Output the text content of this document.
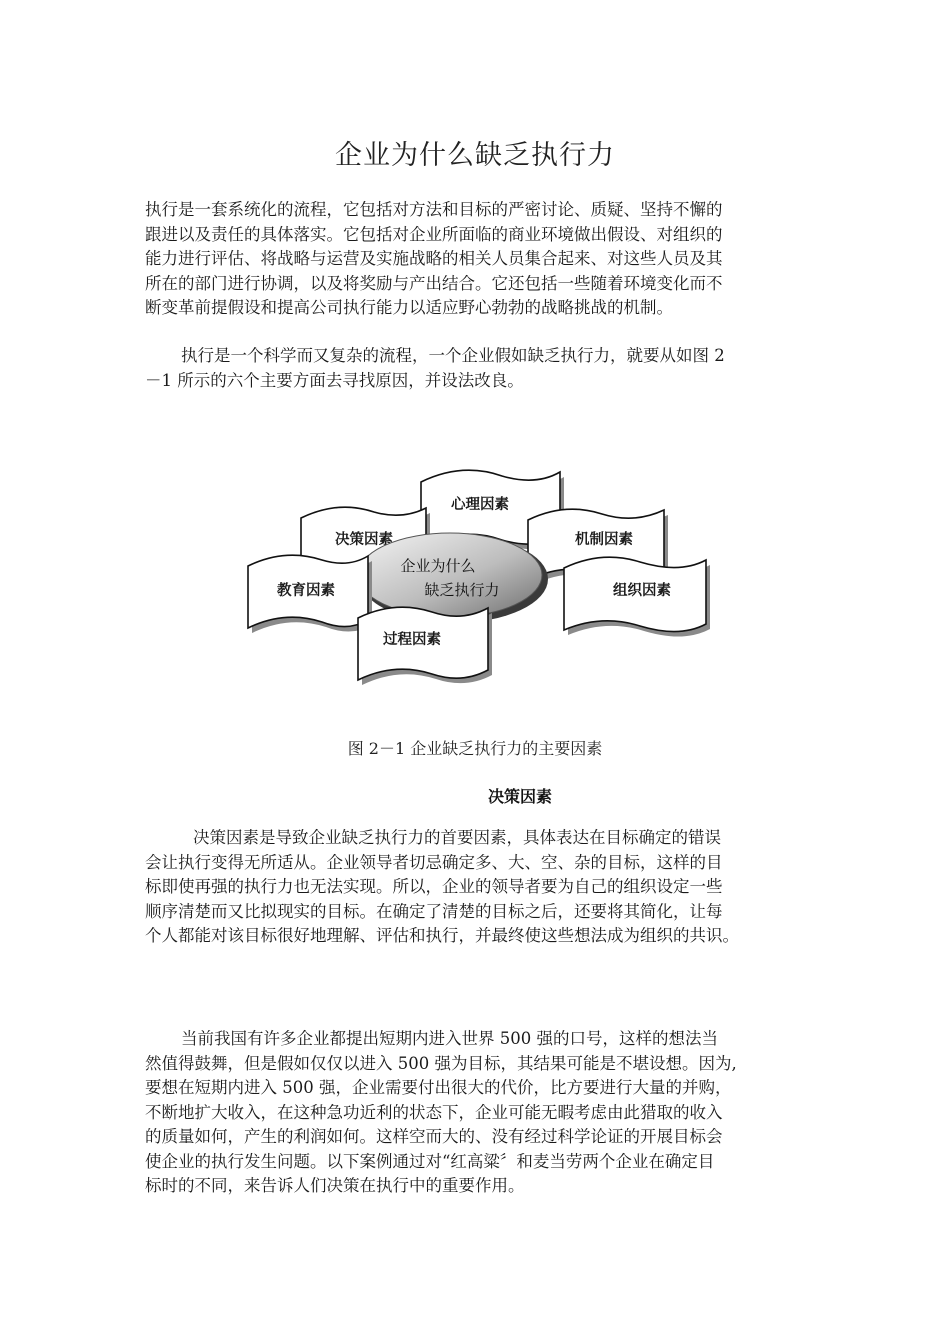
企业为什么缺乏执行力

执行是一套系统化的流程，它包括对方法和目标的严密讨论、质疑、坚持不懈的
跟进以及责任的具体落实。它包括对企业所面临的商业环境做出假设、对组织的
能力进行评估、将战略与运营及实施战略的相关人员集合起来、对这些人员及其
所在的部门进行协调，以及将奖励与产出结合。它还包括一些随着环境变化而不
断变革前提假设和提高公司执行能力以适应野心勃勃的战略挑战的机制。

执行是一个科学而又复杂的流程，一个企业假如缺乏执行力，就要从如图 2
－1 所示的六个主要方面去寻找原因，并设法改良。

心理因素
决策因素	机制因素
企业为什么
缺乏执行力
教育因素	组织因素
过程因素
图 2－1 企业缺乏执行力的主要因素
决策因素

决策因素是导致企业缺乏执行力的首要因素，具体表达在目标确定的错误
会让执行变得无所适从。企业领导者切忌确定多、大、空、杂的目标，这样的目
标即使再强的执行力也无法实现。所以，企业的领导者要为自己的组织设定一些
顺序清楚而又比拟现实的目标。在确定了清楚的目标之后，还要将其简化，让每
个人都能对该目标很好地理解、评估和执行，并最终使这些想法成为组织的共识。

当前我国有许多企业都提出短期内进入世界 500 强的口号，这样的想法当
然值得鼓舞，但是假如仅仅以进入 500 强为目标，其结果可能是不堪设想。因为,
要想在短期内进入 500 强，企业需要付出很大的代价，比方要进行大量的并购，
不断地扩大收入，在这种急功近利的状态下，企业可能无暇考虑由此猎取的收入
的质量如何，产生的利润如何。这样空而大的、没有经过科学论证的开展目标会
使企业的执行发生问题。以下案例通过对“红高粱〞和麦当劳两个企业在确定目
标时的不同，来告诉人们决策在执行中的重要作用。
